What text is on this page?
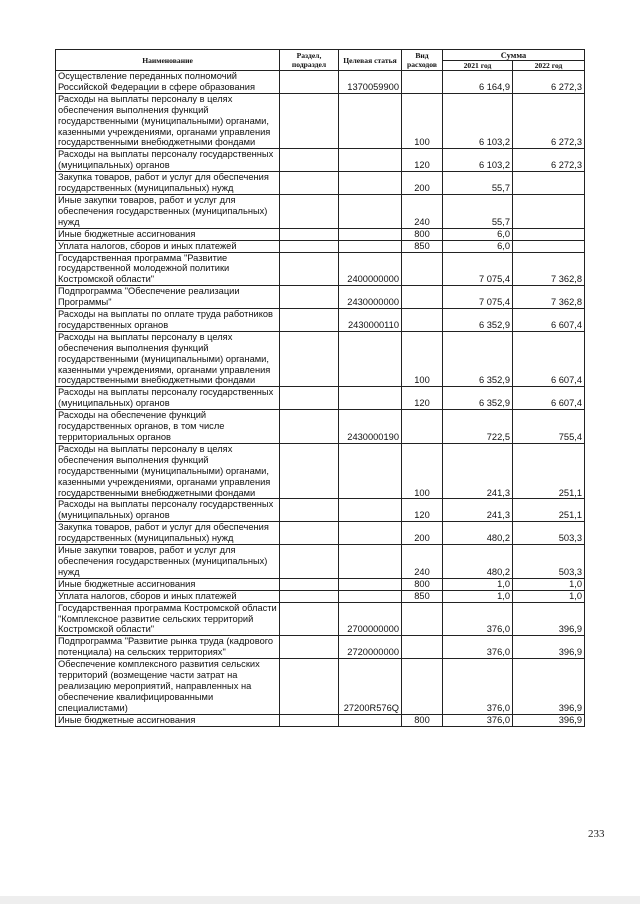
Наименование	Раздел, подраздел	Целевая статья	Вид расходов	Сумма	
				2021 год	2022 год
Осуществление переданных полномочий Российской Федерации в сфере образования		1370059900		6 164,9	6 272,3
Расходы на выплаты персоналу в целях обеспечения выполнения функций государственными (муниципальными) органами, казенными учреждениями, органами управления государственными внебюджетными фондами			100	6 103,2	6 272,3
Расходы на выплаты персоналу государственных (муниципальных) органов			120	6 103,2	6 272,3
Закупка товаров, работ и услуг для обеспечения государственных (муниципальных) нужд			200	55,7	
Иные закупки товаров, работ и услуг для обеспечения государственных (муниципальных) нужд			240	55,7	
Иные бюджетные ассигнования			800	6,0	
Уплата налогов, сборов и иных платежей			850	6,0	
Государственная программа "Развитие государственной молодежной политики Костромской области"		2400000000		7 075,4	7 362,8
Подпрограмма "Обеспечение реализации Программы"		2430000000		7 075,4	7 362,8
Расходы на выплаты по оплате труда работников государственных органов		2430000110		6 352,9	6 607,4
Расходы на выплаты персоналу в целях обеспечения выполнения функций государственными (муниципальными) органами, казенными учреждениями, органами управления государственными внебюджетными фондами			100	6 352,9	6 607,4
Расходы на выплаты персоналу государственных (муниципальных) органов			120	6 352,9	6 607,4
Расходы на обеспечение функций государственных органов, в том числе территориальных органов		2430000190		722,5	755,4
Расходы на выплаты персоналу в целях обеспечения выполнения функций государственными (муниципальными) органами, казенными учреждениями, органами управления государственными внебюджетными фондами			100	241,3	251,1
Расходы на выплаты персоналу государственных (муниципальных) органов			120	241,3	251,1
Закупка товаров, работ и услуг для обеспечения государственных (муниципальных) нужд			200	480,2	503,3
Иные закупки товаров, работ и услуг для обеспечения государственных (муниципальных) нужд			240	480,2	503,3
Иные бюджетные ассигнования			800	1,0	1,0
Уплата налогов, сборов и иных платежей			850	1,0	1,0
Государственная программа Костромской области "Комплексное развитие сельских территорий Костромской области"		2700000000		376,0	396,9
Подпрограмма "Развитие рынка труда (кадрового потенциала) на сельских территориях"		2720000000		376,0	396,9
Обеспечение комплексного развития сельских территорий (возмещение части затрат на реализацию мероприятий, направленных на обеспечение квалифицированными специалистами)		27200R576Q		376,0	396,9
Иные бюджетные ассигнования			800	376,0	396,9
233
